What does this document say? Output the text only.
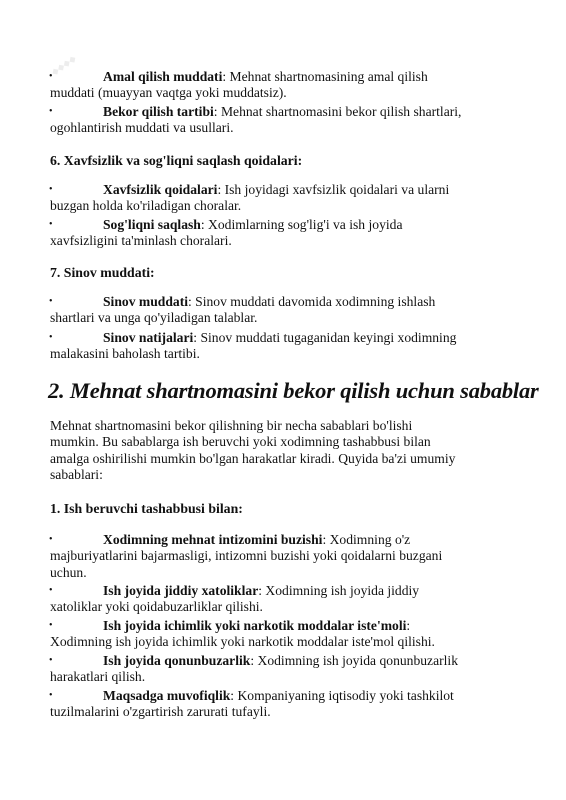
◆◆◆◆

•	Amal qilish muddati: Mehnat shartnomasining amal qilish
muddati (muayyan vaqtga yoki muddatsiz).

•
Bekor qilish tartibi: Mehnat shartnomasini bekor qilish shartlari,
ogohlantirish muddati va usullari.

6. Xavfsizlik va sog'liqni saqlash qoidalari:

•
Xavfsizlik qoidalari: Ish joyidagi xavfsizlik qoidalari va ularni
buzgan holda ko'riladigan choralar.

•
Sog'liqni saqlash: Xodimlarning sog'lig'i va ish joyida
xavfsizligini ta'minlash choralari.

7. Sinov muddati:

•
Sinov muddati: Sinov muddati davomida xodimning ishlash
shartlari va unga qo'yiladigan talablar.

•
Sinov natijalari: Sinov muddati tugaganidan keyingi xodimning
malakasini baholash tartibi.

2. Mehnat shartnomasini bekor qilish uchun sabablar

Mehnat shartnomasini bekor qilishning bir necha sabablari bo'lishi
mumkin. Bu sabablarga ish beruvchi yoki xodimning tashabbusi bilan
amalga oshirilishi mumkin bo'lgan harakatlar kiradi. Quyida ba'zi umumiy
sabablari:

1. Ish beruvchi tashabbusi bilan:

•
Xodimning mehnat intizomini buzishi: Xodimning o'z
majburiyatlarini bajarmasligi, intizomni buzishi yoki qoidalarni buzgani
uchun.

•
Ish joyida jiddiy xatoliklar: Xodimning ish joyida jiddiy
xatoliklar yoki qoidabuzarliklar qilishi.

•
Ish joyida ichimlik yoki narkotik moddalar iste'moli:
Xodimning ish joyida ichimlik yoki narkotik moddalar iste'mol qilishi.

•
Ish joyida qonunbuzarlik: Xodimning ish joyida qonunbuzarlik
harakatlari qilish.

•
Maqsadga muvofiqlik: Kompaniyaning iqtisodiy yoki tashkilot
tuzilmalarini o'zgartirish zarurati tufayli.
